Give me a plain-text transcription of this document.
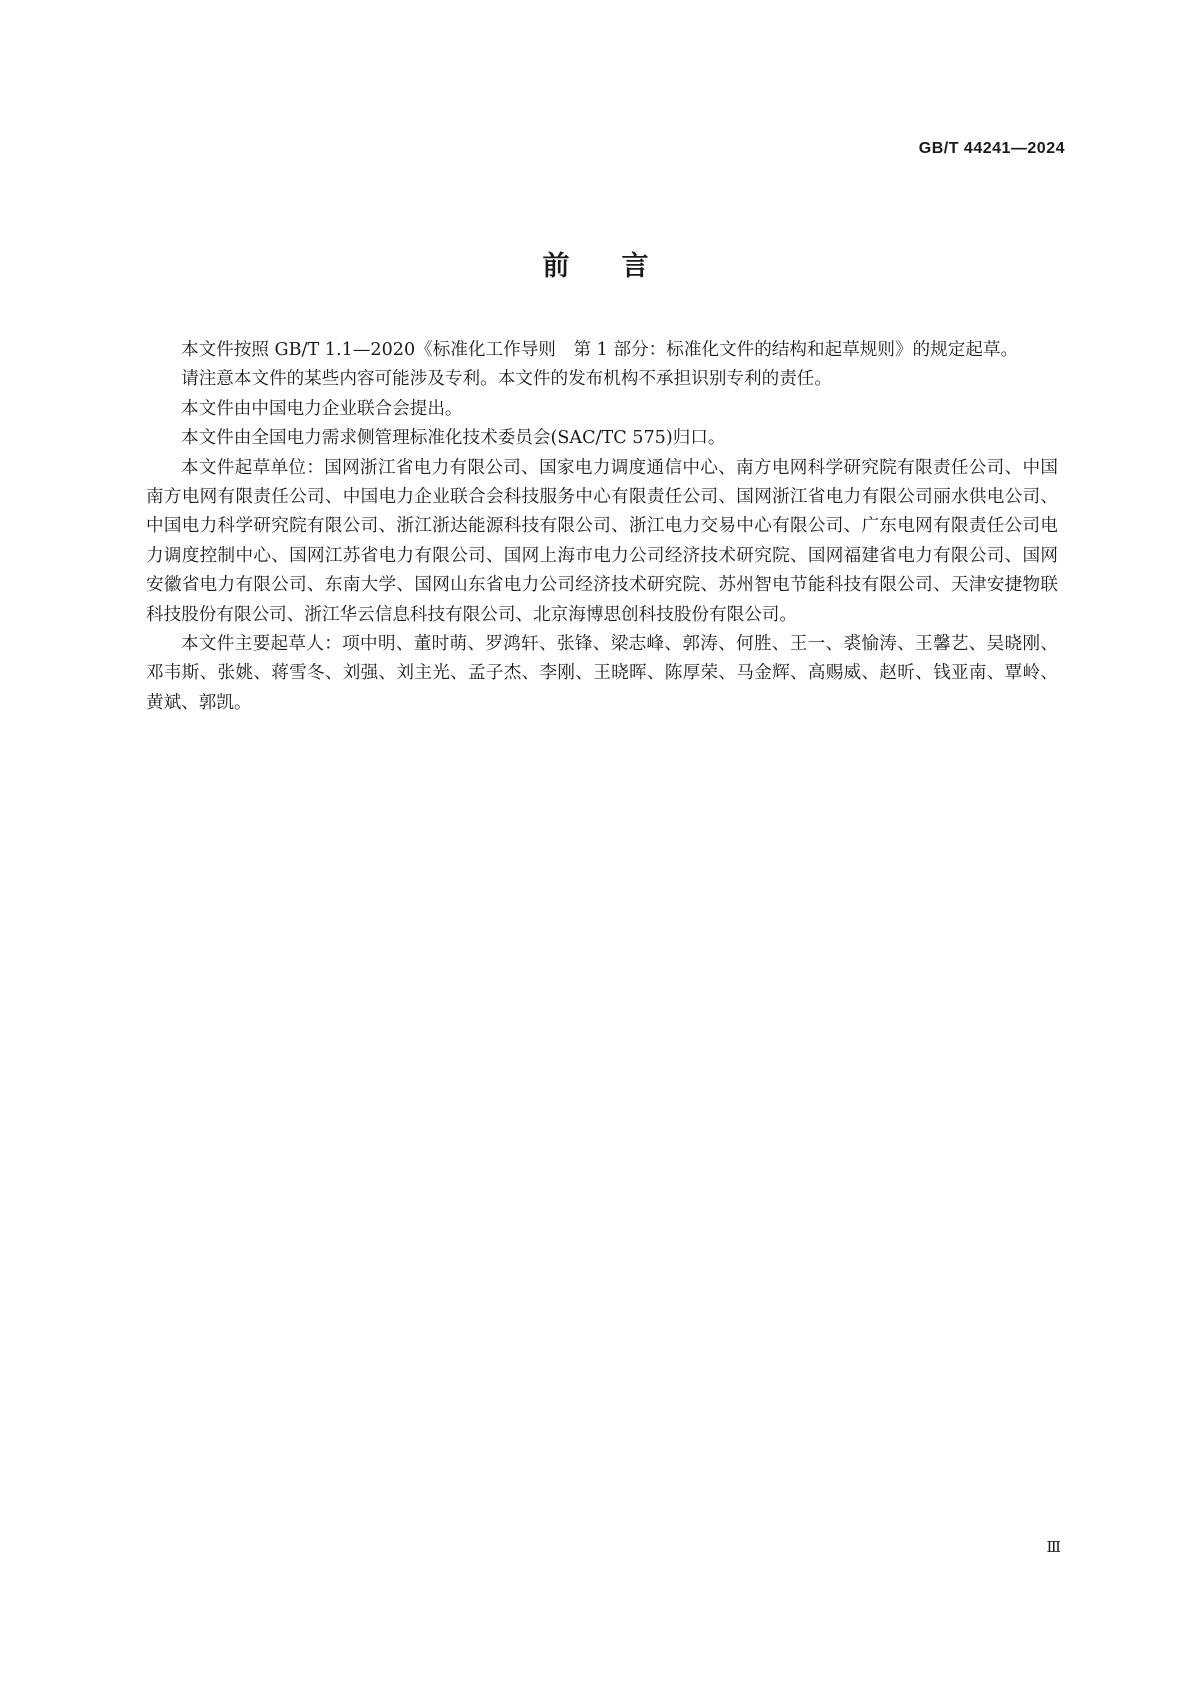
GB/T 44241—2024
前言

本文件按照 GB/T 1.1—2020《标准化工作导则　第 1 部分：标准化文件的结构和起草规则》的规定起草。

请注意本文件的某些内容可能涉及专利。本文件的发布机构不承担识别专利的责任。

本文件由中国电力企业联合会提出。

本文件由全国电力需求侧管理标准化技术委员会(SAC/TC 575)归口。

本文件起草单位：国网浙江省电力有限公司、国家电力调度通信中心、南方电网科学研究院有限责任公司、中国南方电网有限责任公司、中国电力企业联合会科技服务中心有限责任公司、国网浙江省电力有限公司丽水供电公司、中国电力科学研究院有限公司、浙江浙达能源科技有限公司、浙江电力交易中心有限公司、广东电网有限责任公司电力调度控制中心、国网江苏省电力有限公司、国网上海市电力公司经济技术研究院、国网福建省电力有限公司、国网安徽省电力有限公司、东南大学、国网山东省电力公司经济技术研究院、苏州智电节能科技有限公司、天津安捷物联科技股份有限公司、浙江华云信息科技有限公司、北京海博思创科技股份有限公司。

本文件主要起草人：项中明、董时萌、罗鸿轩、张锋、梁志峰、郭涛、何胜、王一、裘愉涛、王馨艺、吴晓刚、邓韦斯、张姚、蒋雪冬、刘强、刘主光、孟子杰、李刚、王晓晖、陈厚荣、马金辉、高赐威、赵昕、钱亚南、覃岭、黄斌、郭凯。

Ⅲ
